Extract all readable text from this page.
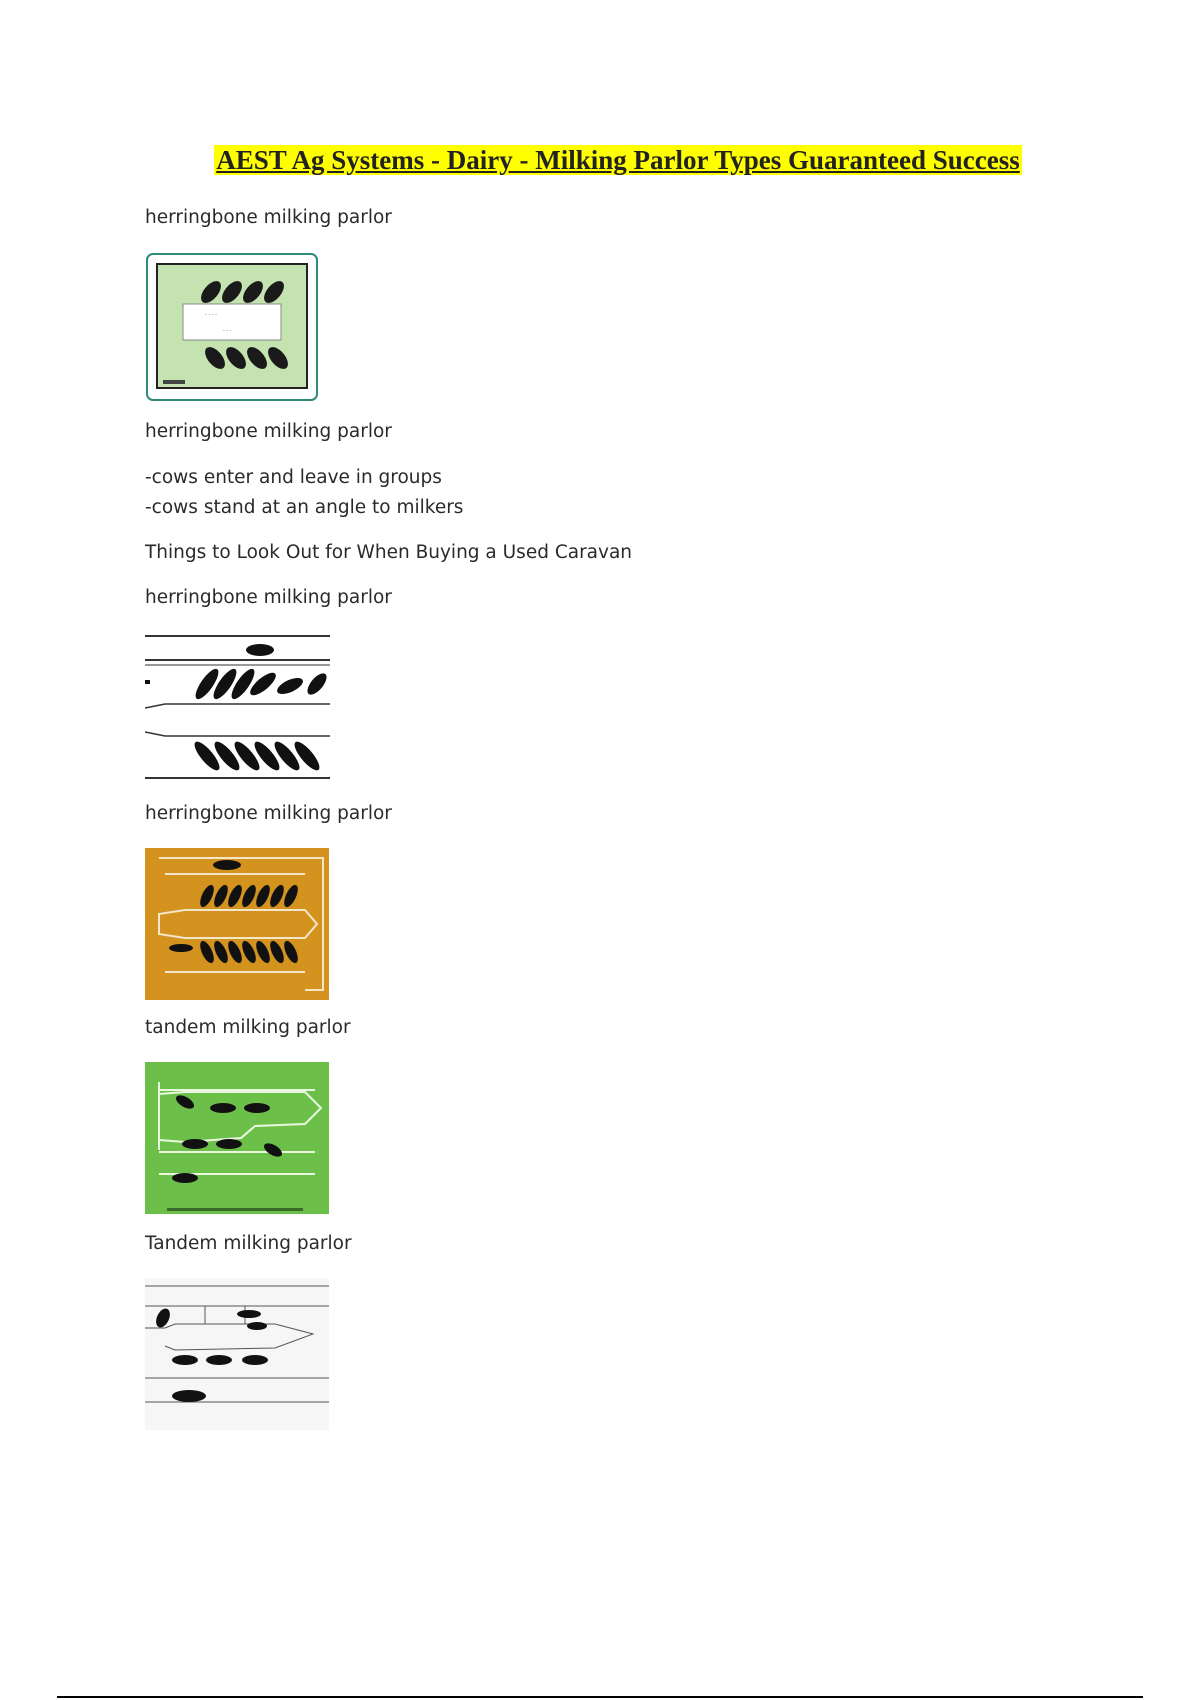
AEST Ag Systems - Dairy - Milking Parlor Types Guaranteed Success
herringbone milking parlor
- - - -
- - -
herringbone milking parlor
-cows enter and leave in groups
-cows stand at an angle to milkers
Things to Look Out for When Buying a Used Caravan
herringbone milking parlor
herringbone milking parlor
tandem milking parlor
Tandem milking parlor
